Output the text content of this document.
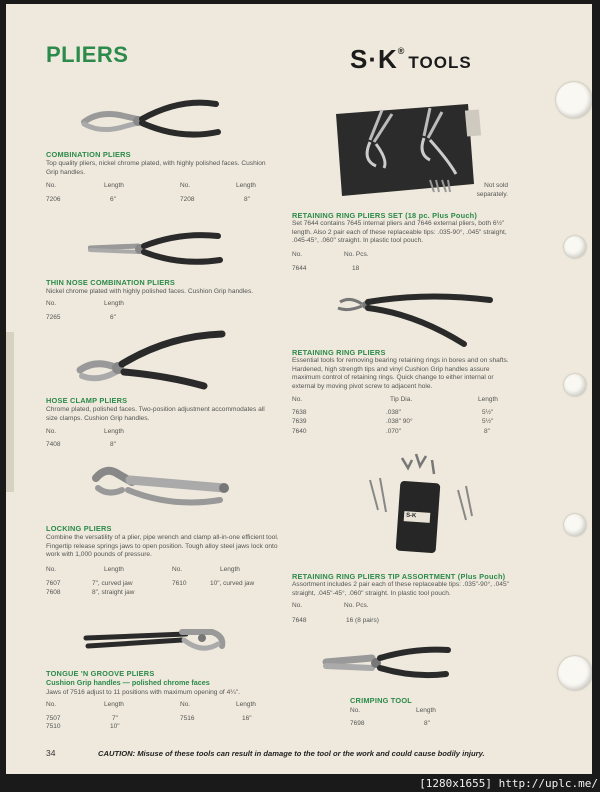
PLIERS	S·K®TOOLS
COMBINATION PLIERS
Top quality pliers, nickel chrome plated, with highly polished faces. Cushion Grip handles.
No.	Length	No.	Length
7206	6"	7208	8"
THIN NOSE COMBINATION PLIERS
Nickel chrome plated with highly polished faces. Cushion Grip handles.
No.	Length
7265	6"
HOSE CLAMP PLIERS
Chrome plated, polished faces. Two-position adjustment accommodates all size clamps. Cushion Grip handles.
No.	Length
7408	8"
LOCKING PLIERS
Combine the versatility of a plier, pipe wrench and clamp all-in-one efficient tool. Fingertip release springs jaws to open position. Tough alloy steel jaws lock onto work with 1,000 pounds of pressure.
No.	Length	No.	Length
7607	7", curved jaw	7610	10", curved jaw
7608	8", straight jaw
TONGUE 'N GROOVE PLIERS
Cushion Grip handles — polished chrome faces
Jaws of 7516 adjust to 11 positions with maximum opening of 4¼".
No.	Length	No.	Length
7507	7"	7516	16"
7510	10"
Not sold
separately.
RETAINING RING PLIERS SET (18 pc. Plus Pouch)
Set 7644 contains 7645 internal pliers and 7646 external pliers, both 6½" length. Also 2 pair each of these replaceable tips: .035-90°, .045" straight, .045-45°, .060" straight. In plastic tool pouch.
No.	No. Pcs.
7644	18
RETAINING RING PLIERS
Essential tools for removing bearing retaining rings in bores and on shafts. Hardened, high strength tips and vinyl Cushion Grip handles assure maximum control of retaining rings. Quick change to either internal or external by moving pivot screw to adjacent hole.
No.	Tip Dia.	Length
7638	.038"	5½"
7639	.038" 90°	5½"
7640	.070"	8"
S-K
RETAINING RING PLIERS TIP ASSORTMENT (Plus Pouch)
Assortment includes 2 pair each of these replaceable tips: .035"-90°, .045" straight, .045"-45°, .060" straight. In plastic tool pouch.
No.	No. Pcs.
7648	16 (8 pairs)
CRIMPING TOOL
No.	Length
7698	8"
34	CAUTION: Misuse of these tools can result in damage to the tool or the work and could cause bodily injury.
[1280x1655] http://uplc.me/
